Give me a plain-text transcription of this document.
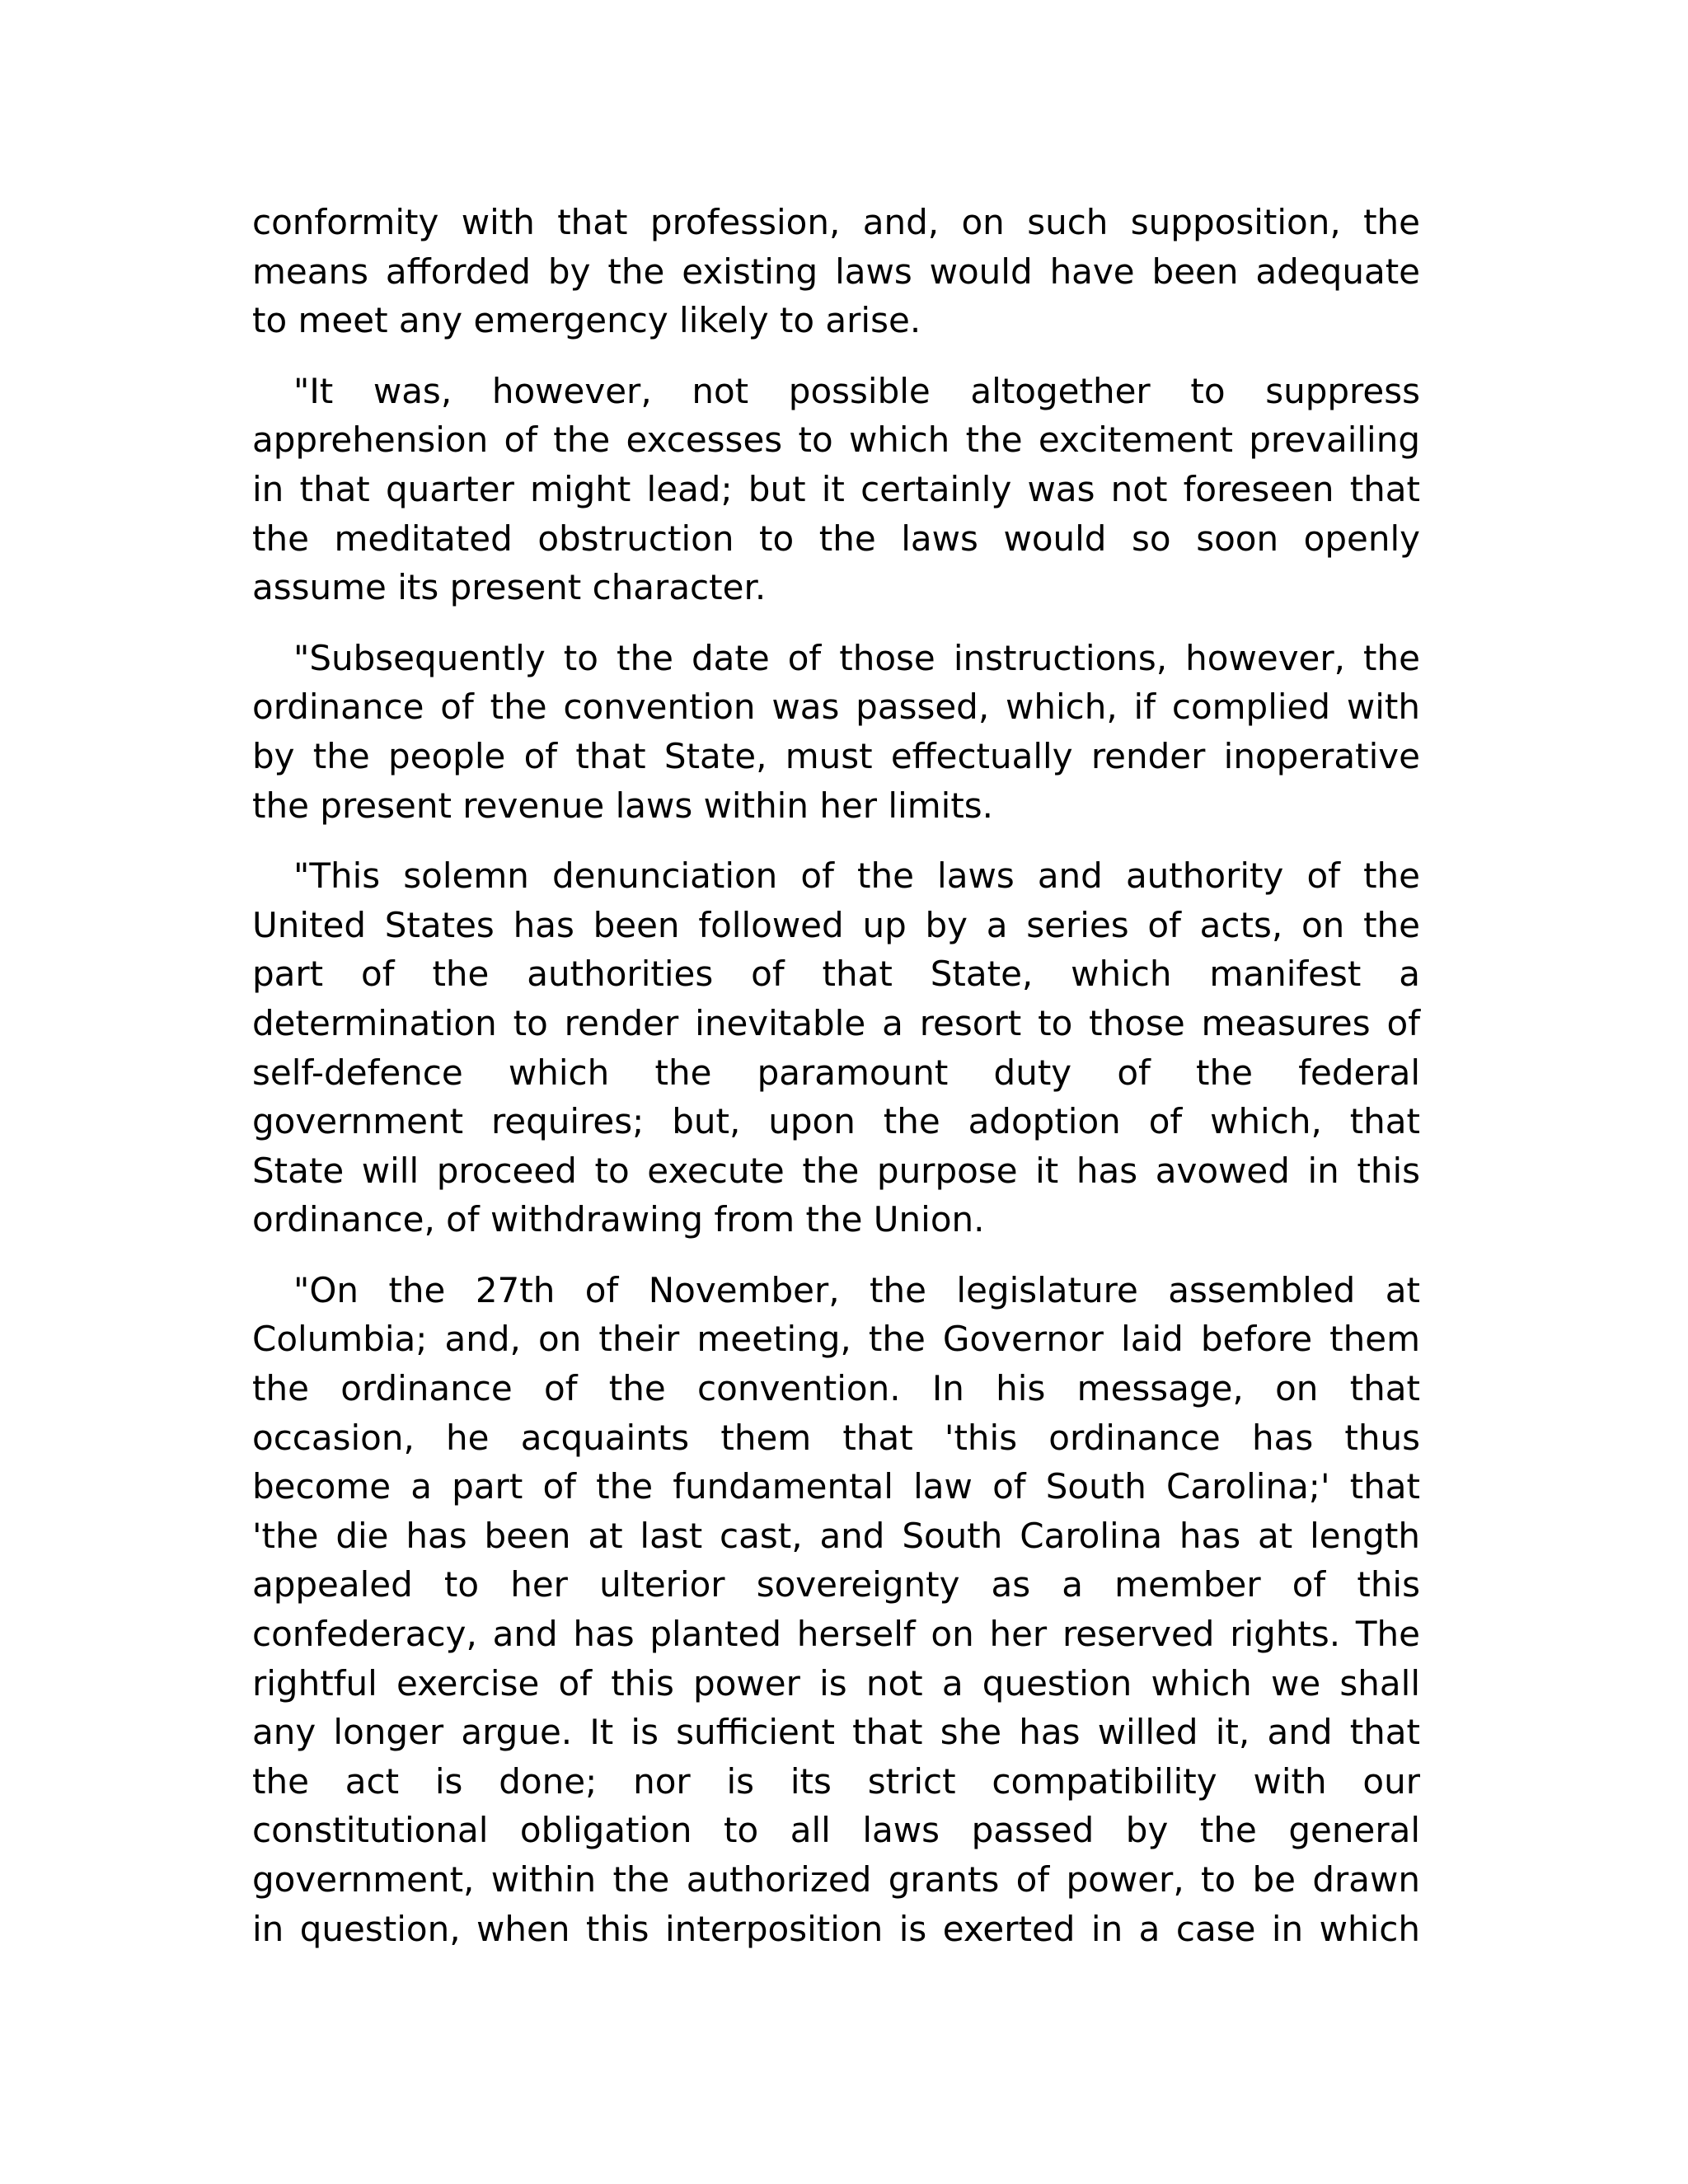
conformity with that profession, and, on such supposition, the
means afforded by the existing laws would have been adequate
to meet any emergency likely to arise.
"It was, however, not possible altogether to suppress
apprehension of the excesses to which the excitement prevailing
in that quarter might lead; but it certainly was not foreseen that
the meditated obstruction to the laws would so soon openly
assume its present character.
"Subsequently to the date of those instructions, however, the
ordinance of the convention was passed, which, if complied with
by the people of that State, must effectually render inoperative
the present revenue laws within her limits.
"This solemn denunciation of the laws and authority of the
United States has been followed up by a series of acts, on the
part of the authorities of that State, which manifest a
determination to render inevitable a resort to those measures of
self-defence which the paramount duty of the federal
government requires; but, upon the adoption of which, that
State will proceed to execute the purpose it has avowed in this
ordinance, of withdrawing from the Union.
"On the 27th of November, the legislature assembled at
Columbia; and, on their meeting, the Governor laid before them
the ordinance of the convention. In his message, on that
occasion, he acquaints them that 'this ordinance has thus
become a part of the fundamental law of South Carolina;' that
'the die has been at last cast, and South Carolina has at length
appealed to her ulterior sovereignty as a member of this
confederacy, and has planted herself on her reserved rights. The
rightful exercise of this power is not a question which we shall
any longer argue. It is sufficient that she has willed it, and that
the act is done; nor is its strict compatibility with our
constitutional obligation to all laws passed by the general
government, within the authorized grants of power, to be drawn
in question, when this interposition is exerted in a case in which
